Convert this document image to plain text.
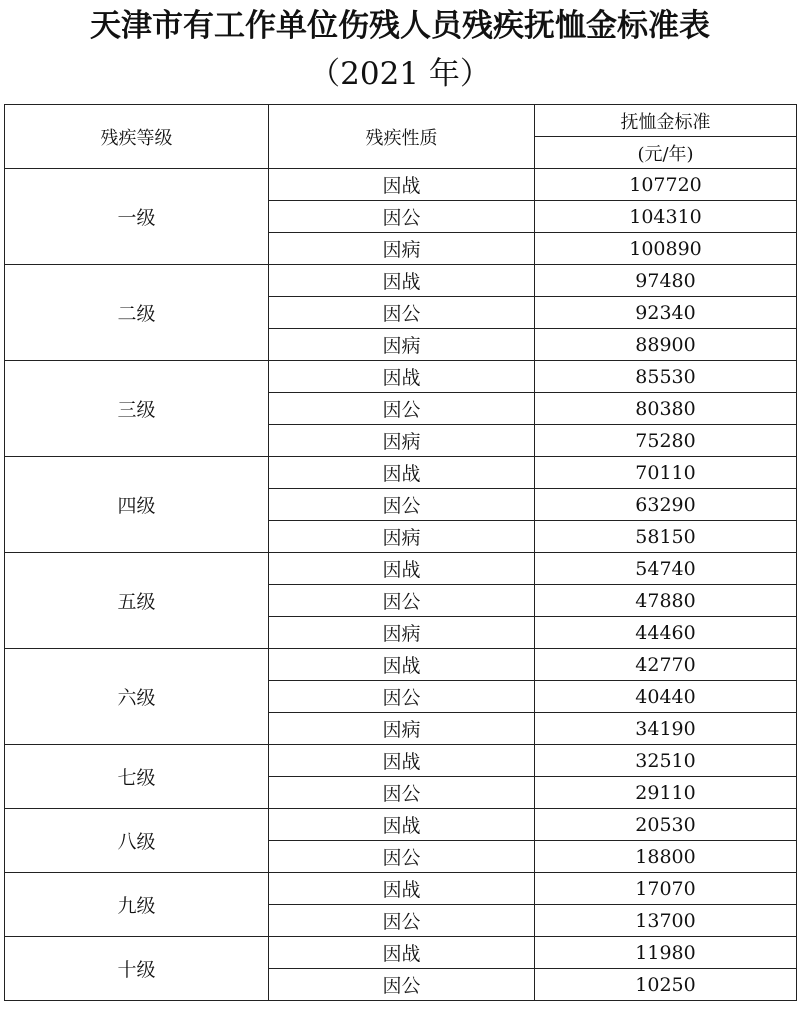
天津市有工作单位伤残人员残疾抚恤金标准表
（2021 年）
残疾等级	残疾性质	抚恤金标准
		(元/年)
一级	因战	107720
	因公	104310
	因病	100890
二级	因战	97480
	因公	92340
	因病	88900
三级	因战	85530
	因公	80380
	因病	75280
四级	因战	70110
	因公	63290
	因病	58150
五级	因战	54740
	因公	47880
	因病	44460
六级	因战	42770
	因公	40440
	因病	34190
七级	因战	32510
	因公	29110
八级	因战	20530
	因公	18800
九级	因战	17070
	因公	13700
十级	因战	11980
	因公	10250
